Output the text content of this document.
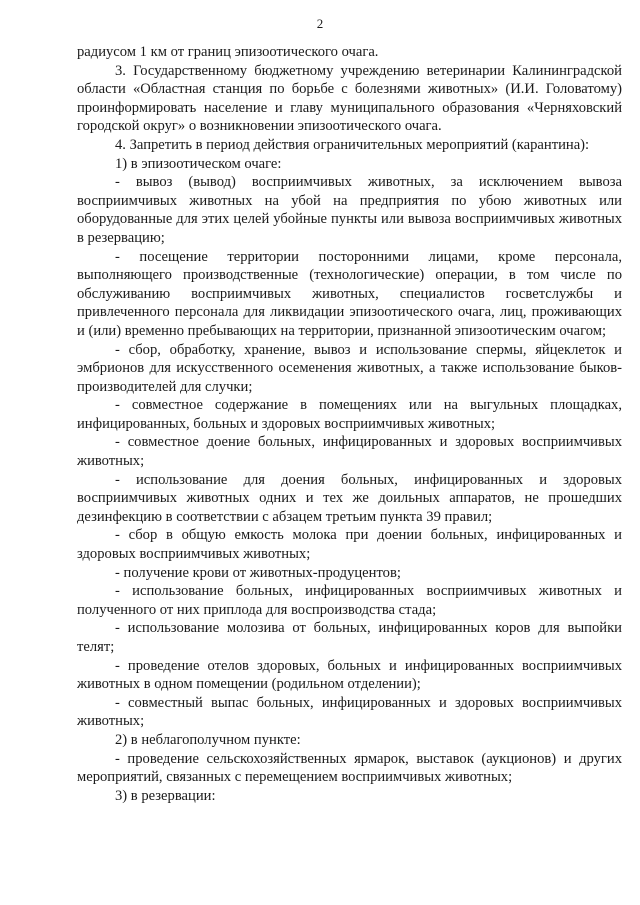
2

радиусом 1 км от границ эпизоотического очага.

3. Государственному бюджетному учреждению ветеринарии Калининградской области «Областная станция по борьбе с болезнями животных» (И.И. Головатому) проинформировать население и главу муниципального образования «Черняховский городской округ» о возникновении эпизоотического очага.

4. Запретить в период действия ограничительных мероприятий (карантина):

1) в эпизоотическом очаге:

- вывоз (вывод) восприимчивых животных, за исключением вывоза восприимчивых животных на убой на предприятия по убою животных или оборудованные для этих целей убойные пункты или вывоза восприимчивых животных в резервацию;

- посещение территории посторонними лицами, кроме персонала, выполняющего производственные (технологические) операции, в том числе по обслуживанию восприимчивых животных, специалистов госветслужбы и привлеченного персонала для ликвидации эпизоотического очага, лиц, проживающих и (или) временно пребывающих на территории, признанной эпизоотическим очагом;

- сбор, обработку, хранение, вывоз и использование спермы, яйцеклеток и эмбрионов для искусственного осеменения животных, а также использование быков-производителей для случки;

- совместное содержание в помещениях или на выгульных площадках, инфицированных, больных и здоровых восприимчивых животных;

- совместное доение больных, инфицированных и здоровых восприимчивых животных;

- использование для доения больных, инфицированных и здоровых восприимчивых животных одних и тех же доильных аппаратов, не прошедших дезинфекцию в соответствии с абзацем третьим пункта 39 правил;

- сбор в общую емкость молока при доении больных, инфицированных и здоровых восприимчивых животных;

- получение крови от животных-продуцентов;

- использование больных, инфицированных восприимчивых животных и полученного от них приплода для воспроизводства стада;

- использование молозива от больных, инфицированных коров для выпойки телят;

- проведение отелов здоровых, больных и инфицированных восприимчивых животных в одном помещении (родильном отделении);

- совместный выпас больных, инфицированных и здоровых восприимчивых животных;

2) в неблагополучном пункте:

- проведение сельскохозяйственных ярмарок, выставок (аукционов) и других мероприятий, связанных с перемещением восприимчивых животных;

3) в резервации:
